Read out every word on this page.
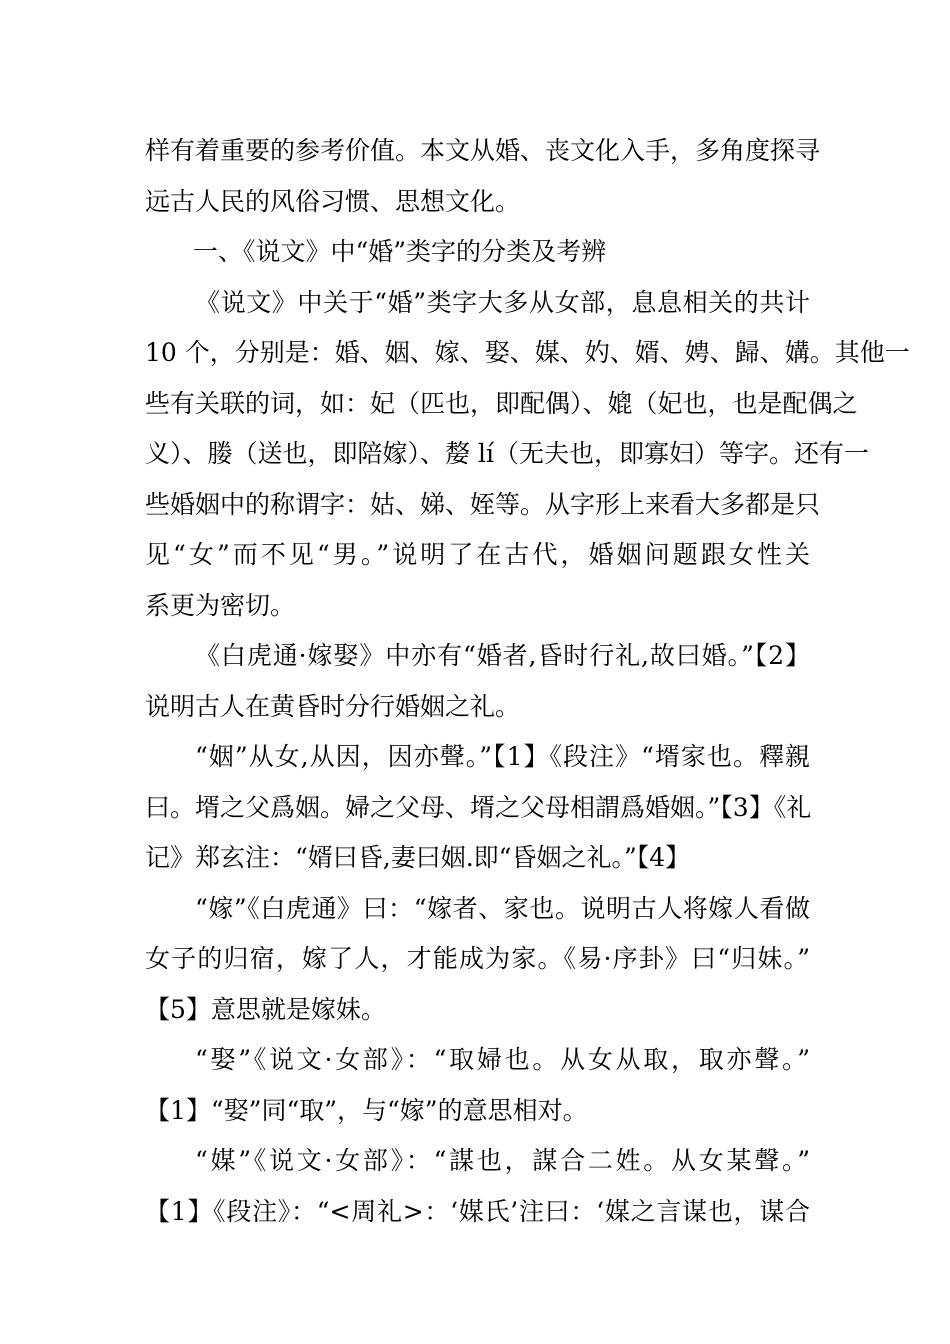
样有着重要的参考价值。本文从婚、丧文化入手，多角度探寻
远古人民的风俗习惯、思想文化。
一、《说文》中“婚”类字的分类及考辨
《说文》中关于“婚”类字大多从女部，息息相关的共计
10 个，分别是：婚、姻、嫁、娶、媒、妁、婿、娉、歸、媾。其他一
些有关联的词，如：妃（匹也，即配偶）、媲（妃也，也是配偶之
义）、媵（送也，即陪嫁）、嫠 lí（无夫也，即寡妇）等字。还有一
些婚姻中的称谓字：姑、娣、姪等。从字形上来看大多都是只
见“女”而不见“男。”说明了在古代，婚姻问题跟女性关
系更为密切。
《白虎通·嫁娶》中亦有“婚者,昏时行礼,故曰婚。”【2】
说明古人在黄昏时分行婚姻之礼。
“姻”从女,从因，因亦聲。”【1】《段注》“壻家也。釋親
曰。壻之父爲姻。婦之父母、壻之父母相謂爲婚姻。”【3】《礼
记》郑玄注：“婿曰昏,妻曰姻.即“昏姻之礼。”【4】
“嫁”《白虎通》曰：“嫁者、家也。说明古人将嫁人看做
女子的归宿，嫁了人，才能成为家。《易·序卦》曰“归妹。”
【5】意思就是嫁妹。
“娶”《说文·女部》：“取婦也。从女从取，取亦聲。”
【1】“娶”同“取”，与“嫁”的意思相对。
“媒”《说文·女部》：“謀也，謀合二姓。从女某聲。”
【1】《段注》：“<周礼>：‘媒氏’注曰：‘媒之言谋也，谋合
